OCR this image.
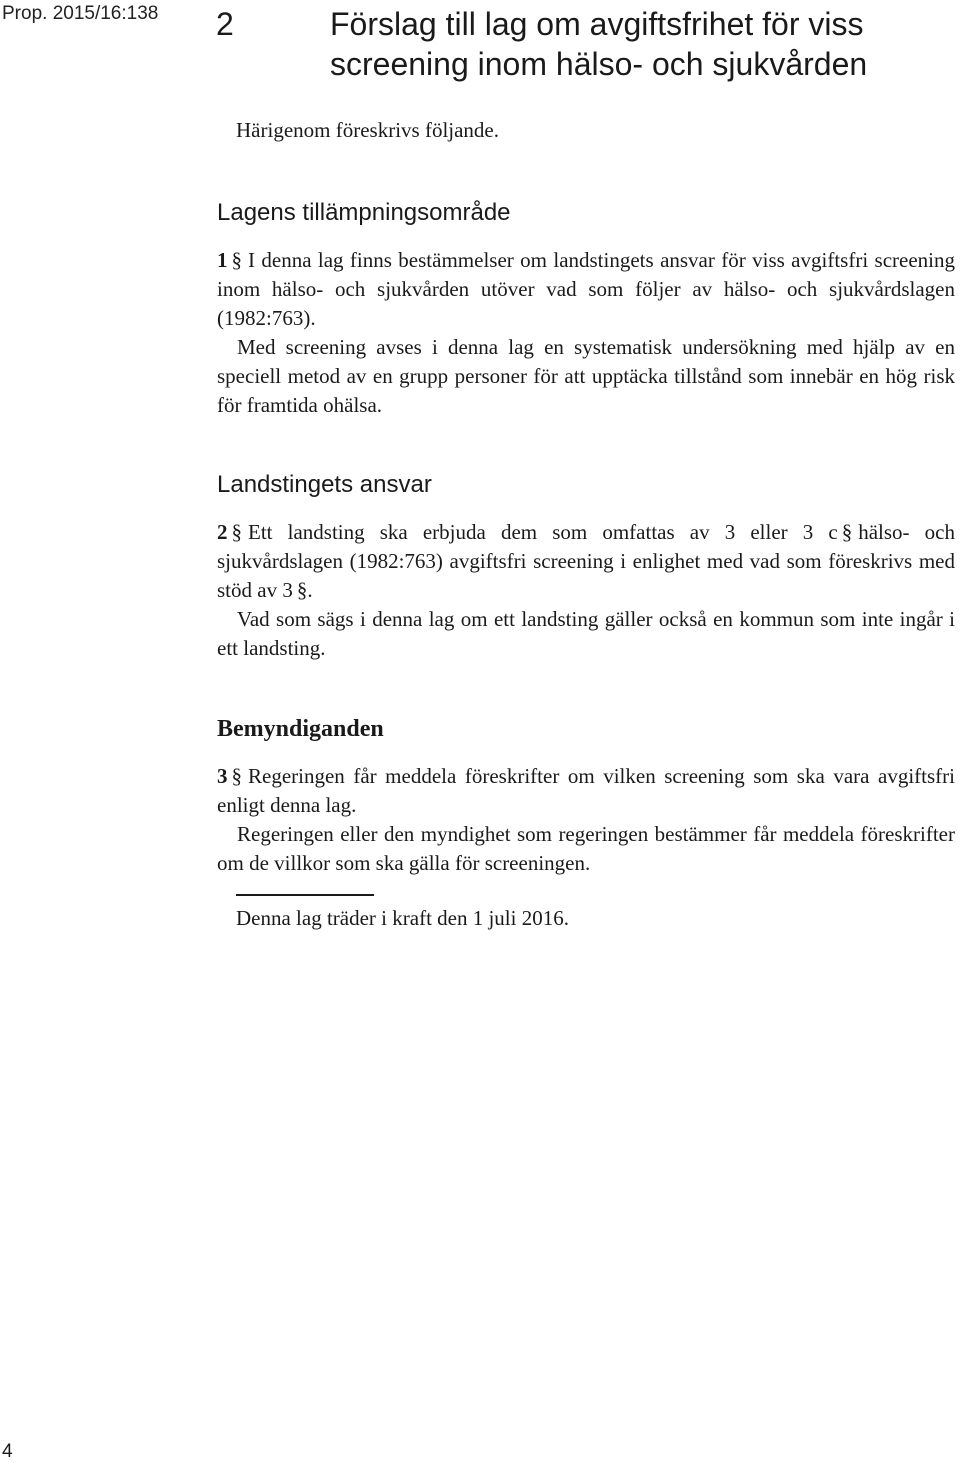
Prop. 2015/16:138 2	Förslag till lag om avgiftsfrihet för viss screening inom hälso- och sjukvården

Härigenom föreskrivs följande.

Lagens tillämpningsområde

1 § I denna lag finns bestämmelser om landstingets ansvar för viss avgiftsfri screening inom hälso- och sjukvården utöver vad som följer av hälso- och sjukvårdslagen (1982:763).

Med screening avses i denna lag en systematisk undersökning med hjälp av en speciell metod av en grupp personer för att upptäcka tillstånd som innebär en hög risk för framtida ohälsa.

Landstingets ansvar

2 § Ett landsting ska erbjuda dem som omfattas av 3 eller 3 c § hälso- och sjukvårdslagen (1982:763) avgiftsfri screening i enlighet med vad som föreskrivs med stöd av 3 §.

Vad som sägs i denna lag om ett landsting gäller också en kommun som inte ingår i ett landsting.

Bemyndiganden

3 § Regeringen får meddela föreskrifter om vilken screening som ska vara avgiftsfri enligt denna lag.

Regeringen eller den myndighet som regeringen bestämmer får meddela föreskrifter om de villkor som ska gälla för screeningen.

Denna lag träder i kraft den 1 juli 2016.
4
